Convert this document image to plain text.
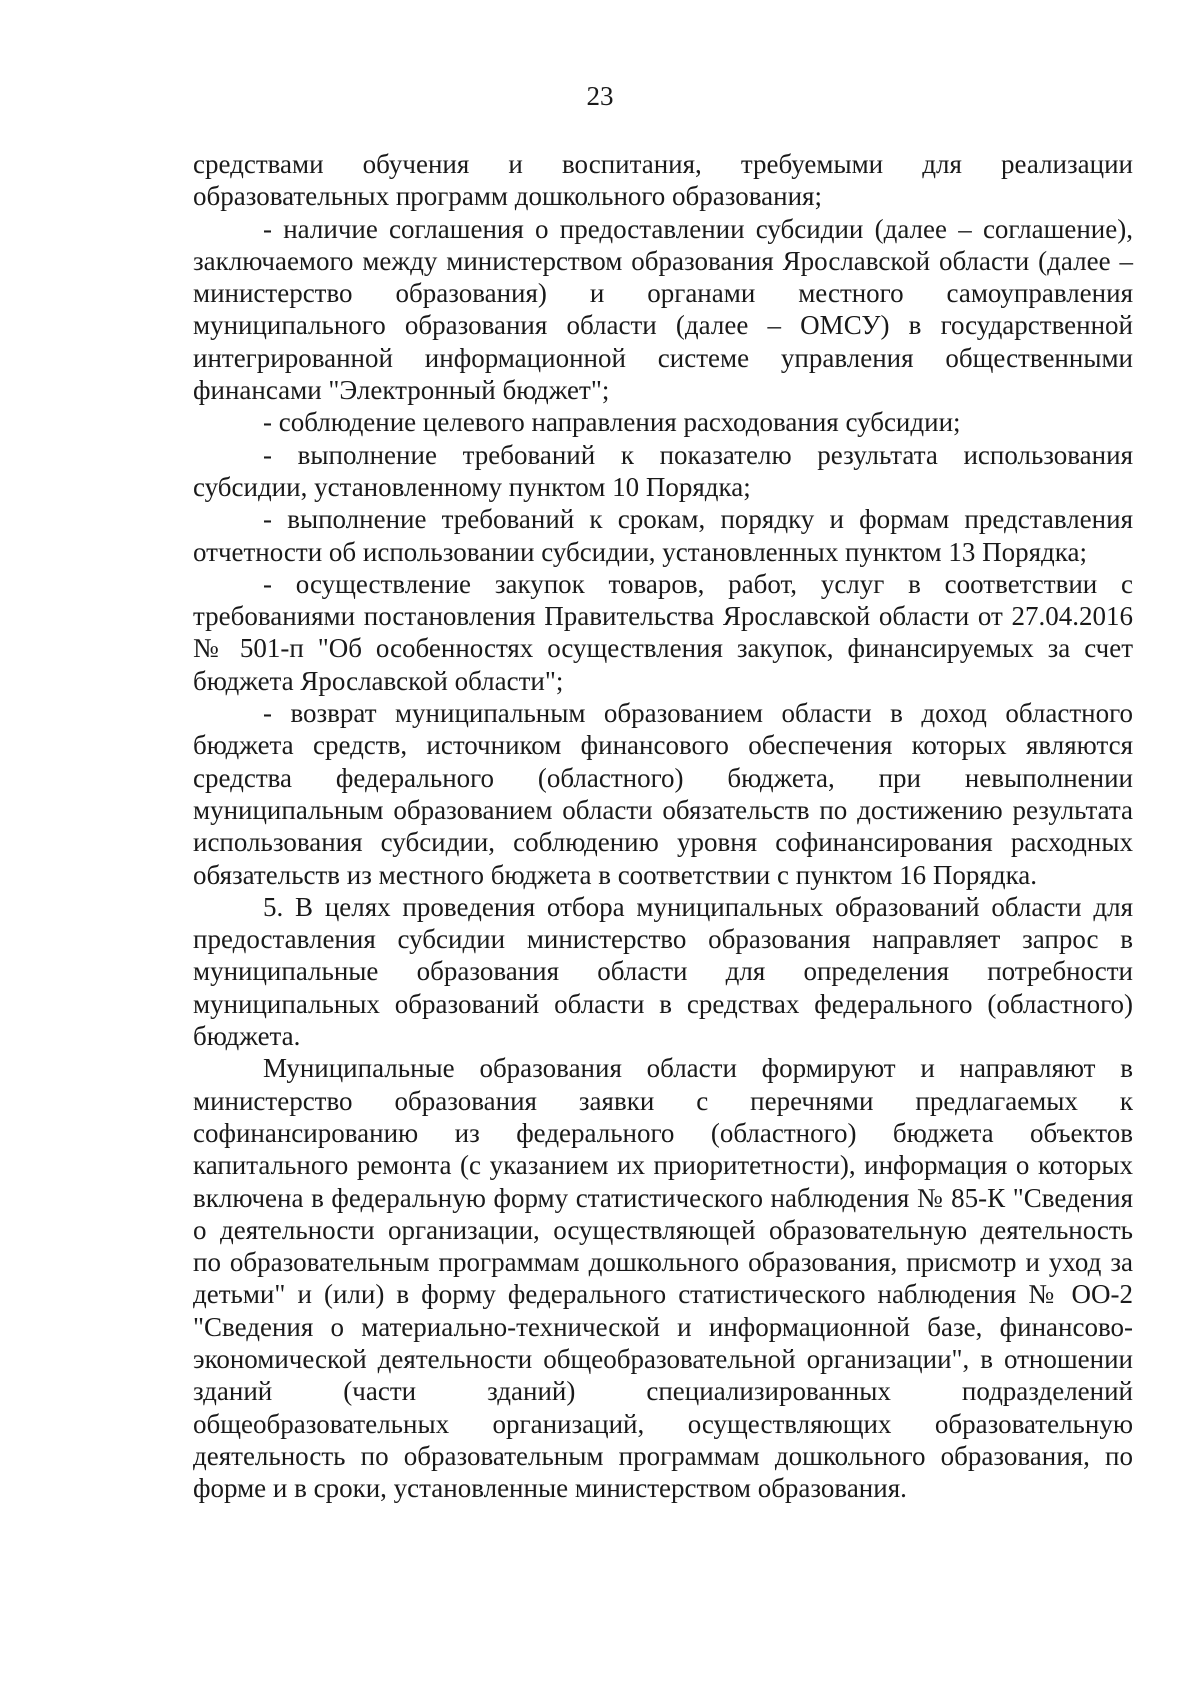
23

средствами обучения и воспитания, требуемыми для реализации образовательных программ дошкольного образования;

- наличие соглашения о предоставлении субсидии (далее – соглашение), заключаемого между министерством образования Ярославской области (далее – министерство образования) и органами местного самоуправления муниципального образования области (далее – ОМСУ) в государственной интегрированной информационной системе управления общественными финансами "Электронный бюджет";

- соблюдение целевого направления расходования субсидии;

- выполнение требований к показателю результата использования субсидии, установленному пунктом 10 Порядка;

- выполнение требований к срокам, порядку и формам представления отчетности об использовании субсидии, установленных пунктом 13 Порядка;

- осуществление закупок товаров, работ, услуг в соответствии с требованиями постановления Правительства Ярославской области от 27.04.2016 № 501-п "Об особенностях осуществления закупок, финансируемых за счет бюджета Ярославской области";

- возврат муниципальным образованием области в доход областного бюджета средств, источником финансового обеспечения которых являются средства федерального (областного) бюджета, при невыполнении муниципальным образованием области обязательств по достижению результата использования субсидии, соблюдению уровня софинансирования расходных обязательств из местного бюджета в соответствии с пунктом 16 Порядка.

5. В целях проведения отбора муниципальных образований области для предоставления субсидии министерство образования направляет запрос в муниципальные образования области для определения потребности муниципальных образований области в средствах федерального (областного) бюджета.

Муниципальные образования области формируют и направляют в министерство образования заявки с перечнями предлагаемых к софинансированию из федерального (областного) бюджета объектов капитального ремонта (с указанием их приоритетности), информация о которых включена в федеральную форму статистического наблюдения № 85-К "Сведения о деятельности организации, осуществляющей образовательную деятельность по образовательным программам дошкольного образования, присмотр и уход за детьми" и (или) в форму федерального статистического наблюдения № ОО-2 "Сведения о материально-технической и информационной базе, финансово-экономической деятельности общеобразовательной организации", в отношении зданий (части зданий) специализированных подразделений общеобразовательных организаций, осуществляющих образовательную деятельность по образовательным программам дошкольного образования, по форме и в сроки, установленные министерством образования.
